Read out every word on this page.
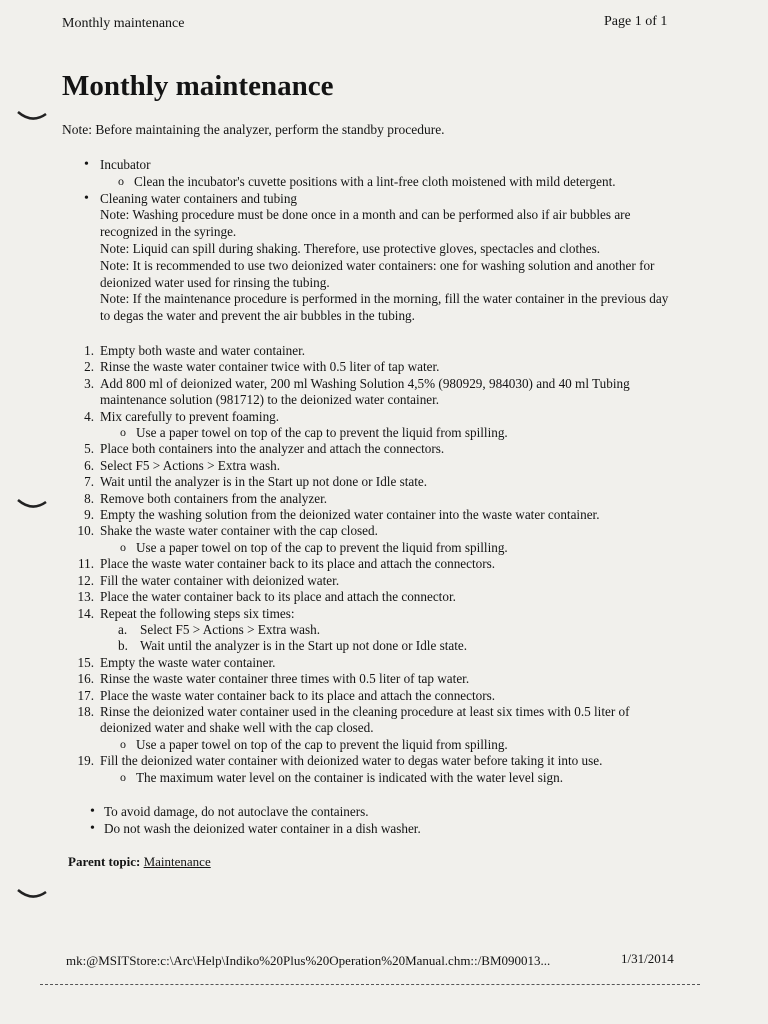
Monthly maintenance	Page 1 of 1
Monthly maintenance
Note: Before maintaining the analyzer, perform the standby procedure.
• Incubator
o Clean the incubator's cuvette positions with a lint-free cloth moistened with mild detergent.
• Cleaning water containers and tubing
Note: Washing procedure must be done once in a month and can be performed also if air bubbles are recognized in the syringe.
Note: Liquid can spill during shaking. Therefore, use protective gloves, spectacles and clothes.
Note: It is recommended to use two deionized water containers: one for washing solution and another for deionized water used for rinsing the tubing.
Note: If the maintenance procedure is performed in the morning, fill the water container in the previous day to degas the water and prevent the air bubbles in the tubing.
1. Empty both waste and water container.
2. Rinse the waste water container twice with 0.5 liter of tap water.
3. Add 800 ml of deionized water, 200 ml Washing Solution 4,5% (980929, 984030) and 40 ml Tubing maintenance solution (981712) to the deionized water container.
4. Mix carefully to prevent foaming.
o Use a paper towel on top of the cap to prevent the liquid from spilling.
5. Place both containers into the analyzer and attach the connectors.
6. Select F5 > Actions > Extra wash.
7. Wait until the analyzer is in the Start up not done or Idle state.
8. Remove both containers from the analyzer.
9. Empty the washing solution from the deionized water container into the waste water container.
10. Shake the waste water container with the cap closed.
o Use a paper towel on top of the cap to prevent the liquid from spilling.
11. Place the waste water container back to its place and attach the connectors.
12. Fill the water container with deionized water.
13. Place the water container back to its place and attach the connector.
14. Repeat the following steps six times:
a. Select F5 > Actions > Extra wash.
b. Wait until the analyzer is in the Start up not done or Idle state.
15. Empty the waste water container.
16. Rinse the waste water container three times with 0.5 liter of tap water.
17. Place the waste water container back to its place and attach the connectors.
18. Rinse the deionized water container used in the cleaning procedure at least six times with 0.5 liter of deionized water and shake well with the cap closed.
o Use a paper towel on top of the cap to prevent the liquid from spilling.
19. Fill the deionized water container with deionized water to degas water before taking it into use.
o The maximum water level on the container is indicated with the water level sign.
• To avoid damage, do not autoclave the containers.
• Do not wash the deionized water container in a dish washer.
Parent topic: Maintenance
mk:@MSITStore:c:\Arc\Help\Indiko%20Plus%20Operation%20Manual.chm::/BM090013...	1/31/2014
